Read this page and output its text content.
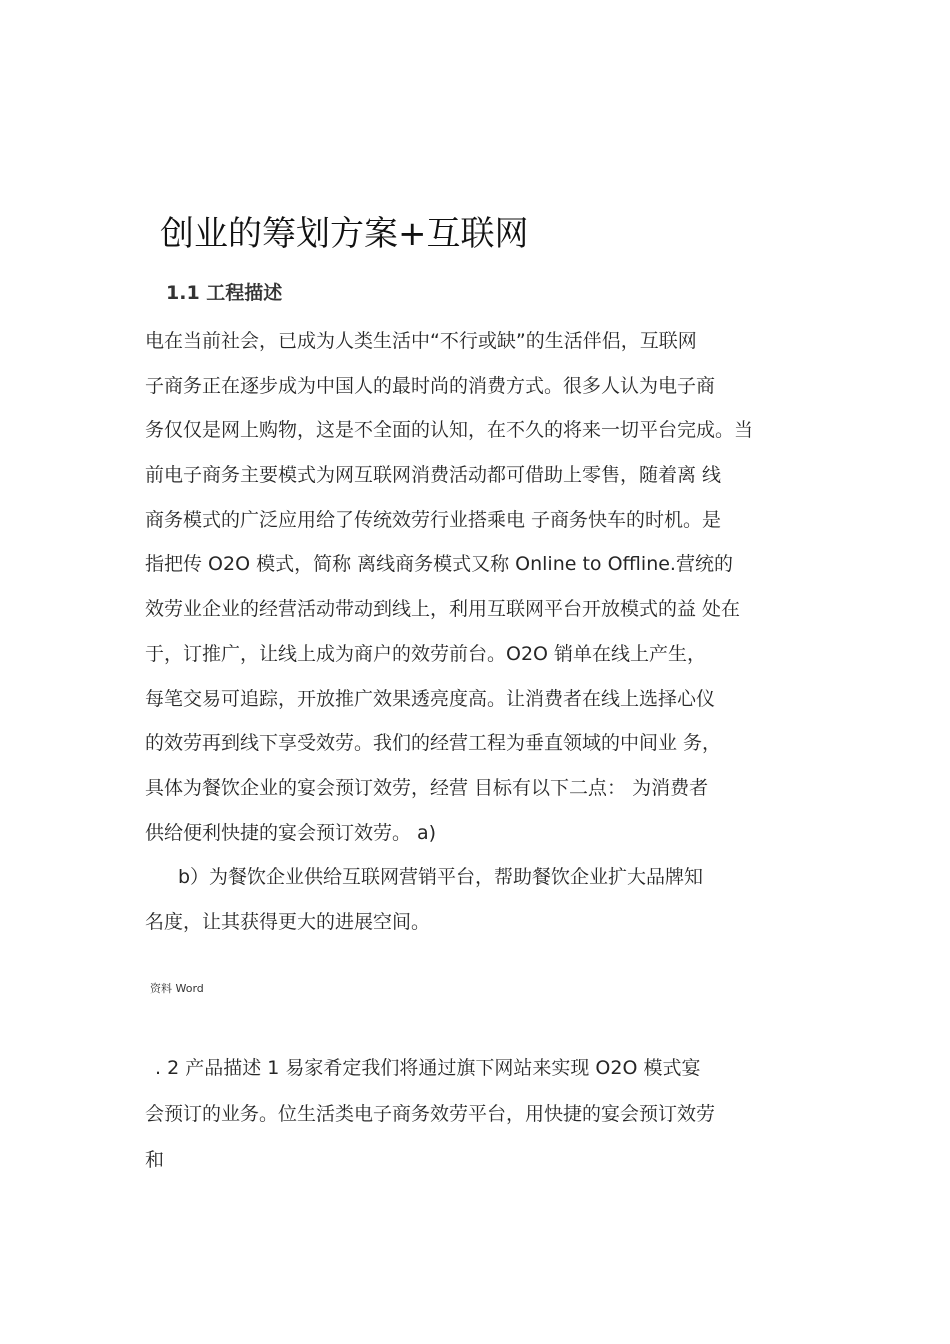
创业的筹划方案+互联网
1.1 工程描述
电在当前社会，已成为人类生活中“不行或缺”的生活伴侣，互联网
子商务正在逐步成为中国人的最时尚的消费方式。很多人认为电子商
务仅仅是网上购物，这是不全面的认知，在不久的将来一切平台完成。当
前电子商务主要模式为网互联网消费活动都可借助上零售，随着离 线
商务模式的广泛应用给了传统效劳行业搭乘电 子商务快车的时机。是
指把传 O2O 模式，简称 离线商务模式又称 Online to Offline.营统的
效劳业企业的经营活动带动到线上，利用互联网平台开放模式的益 处在
于，订推广，让线上成为商户的效劳前台。O2O 销单在线上产生，
每笔交易可追踪，开放推广效果透亮度高。让消费者在线上选择心仪
的效劳再到线下享受效劳。我们的经营工程为垂直领域的中间业 务，
具体为餐饮企业的宴会预订效劳，经营 目标有以下二点： 为消费者
供给便利快捷的宴会预订效劳。 a)
b）为餐饮企业供给互联网营销平台，帮助餐饮企业扩大品牌知
名度，让其获得更大的进展空间。
资料 Word
. 2 产品描述 1 易家肴定我们将通过旗下网站来实现 O2O 模式宴
会预订的业务。位生活类电子商务效劳平台，用快捷的宴会预订效劳
和
